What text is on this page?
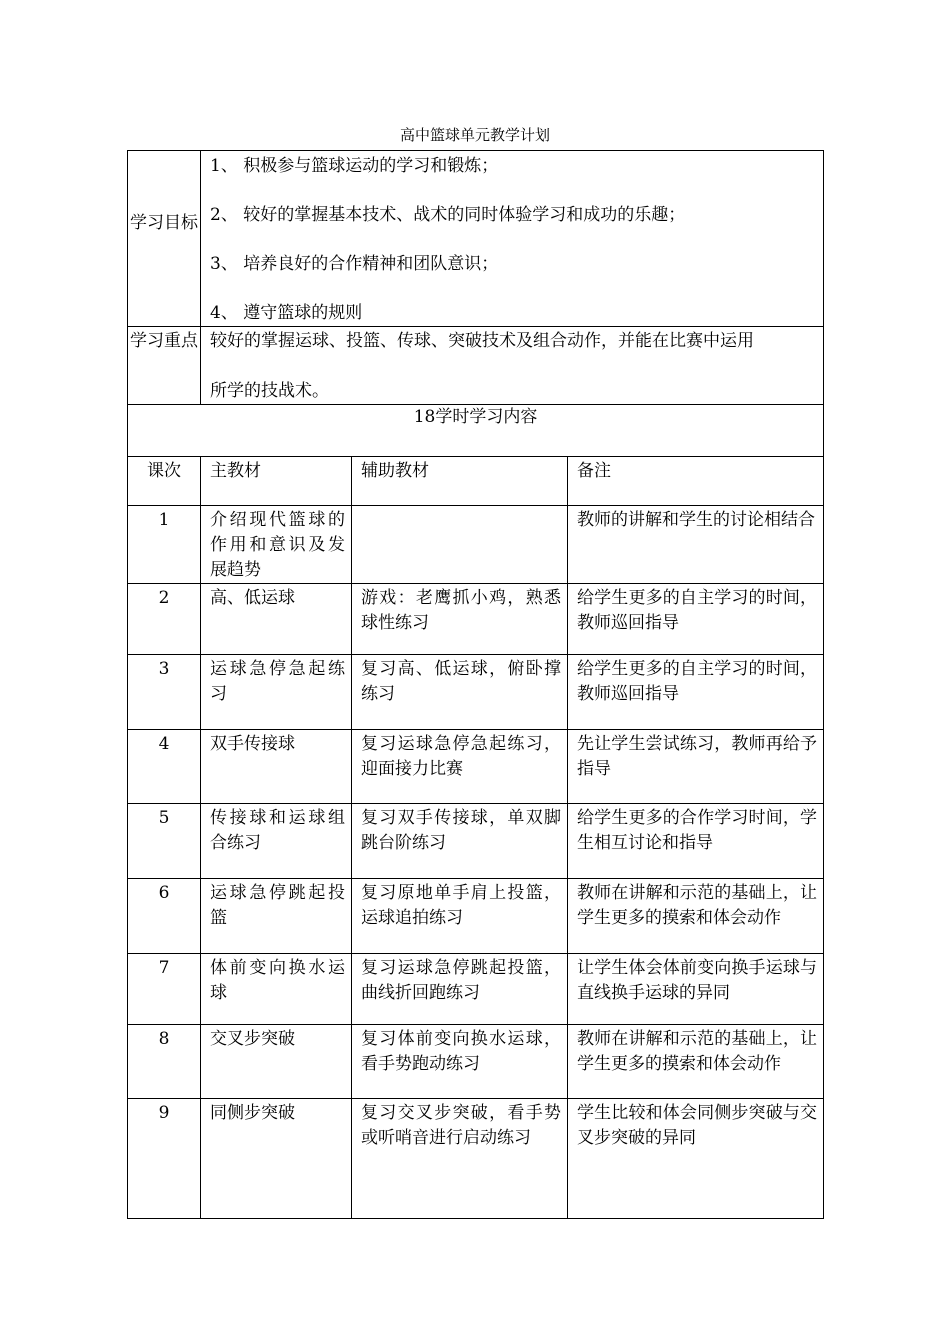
高中篮球单元教学计划
学习目标	1、 积极参与篮球运动的学习和锻炼；

2、 较好的掌握基本技术、战术的同时体验学习和成功的乐趣；

3、 培养良好的合作精神和团队意识；

4、 遵守篮球的规则		

学习重点	较好的掌握运球、投篮、传球、突破技术及组合动作，并能在比赛中运用

所学的技战术。		

18学时学习内容			
课次	主教材	辅助教材	备注
1	介绍现代篮球的作用和意识及发展趋势		教师的讲解和学生的讨论相结合
2	高、低运球	游戏：老鹰抓小鸡，熟悉球性练习	给学生更多的自主学习的时间，教师巡回指导
3	运球急停急起练习	复习高、低运球，俯卧撑练习	给学生更多的自主学习的时间，教师巡回指导
4	双手传接球	复习运球急停急起练习，迎面接力比赛	先让学生尝试练习，教师再给予指导
5	传接球和运球组合练习	复习双手传接球，单双脚跳台阶练习	给学生更多的合作学习时间，学生相互讨论和指导
6	运球急停跳起投篮	复习原地单手肩上投篮，运球追拍练习	教师在讲解和示范的基础上，让学生更多的摸索和体会动作
7	体前变向换水运球	复习运球急停跳起投篮，曲线折回跑练习	让学生体会体前变向换手运球与直线换手运球的异同
8	交叉步突破	复习体前变向换水运球，看手势跑动练习	教师在讲解和示范的基础上，让学生更多的摸索和体会动作
9	同侧步突破	复习交叉步突破，看手势或听哨音进行启动练习	学生比较和体会同侧步突破与交叉步突破的异同
